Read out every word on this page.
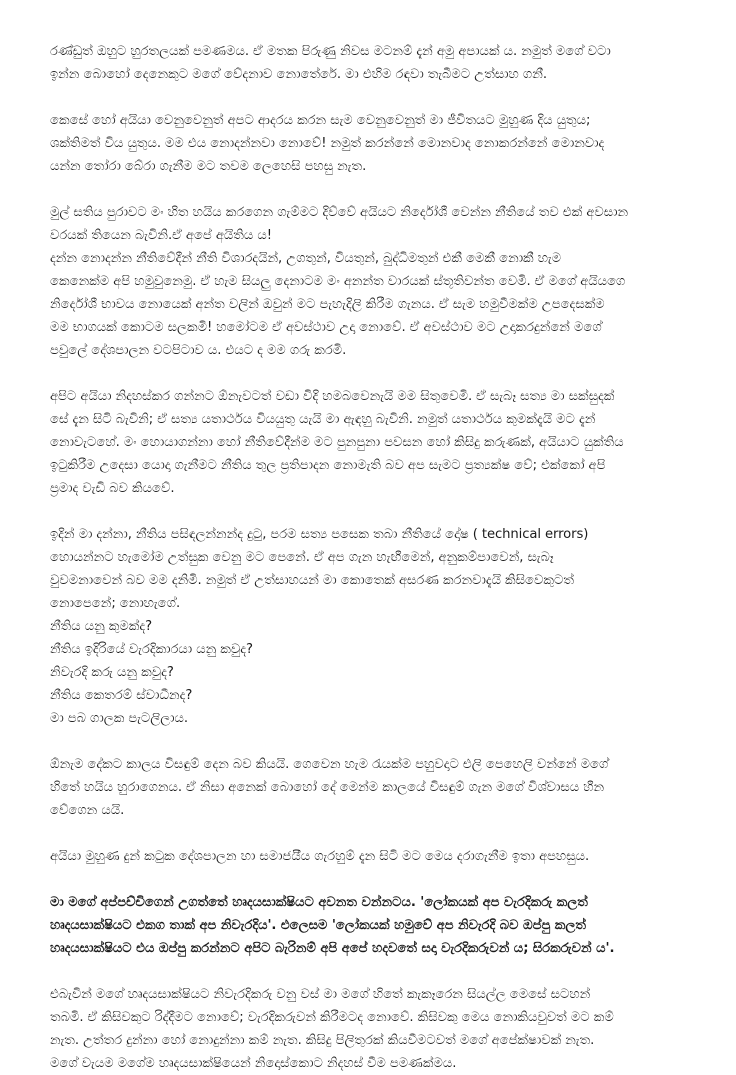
රණ්ඩුත් ඔහුට හුරතලයක් පමණමය. ඒ මතක පිරුණු නිවස මටනම් දැන් අමු අපායක් ය. නමුත් මගේ වටා
ඉන්න බොහෝ දෙනෙකුට මගේ වේදනාව නොතේරේ. මා එහිම රඳවා තැබීමට උත්සාහ ගනී.
කෙසේ හෝ අයියා වෙනුවෙනුත් අපට ආදරය කරන සැම වෙනුවෙනුත් මා ජීවිතයට මුහුණ දිය යුතුය;
ශක්තිමත් විය යුතුය. මම එය නොදන්නවා නොවේ! නමුත් කරන්නේ මොනවාද නොකරන්නේ මොනවාද
යන්න තෝරා බේරා ගැනීම මට තවම ලෙහෙසි පහසු නැත.
මුල් සතිය පුරාවට මං හිත හයිය කරගෙන ගැම්මට දිව්වේ අයියට නිර්දෝශී වෙන්න නීතියේ තව එක් අවසාන
වරයක් තියෙන බැවිනි.ඒ අපේ අයිතිය ය!
දන්න නොදන්න නීතිවේදීන් නීති විශාරදයින්, උගතුන්, වියතුන්, බුද්ධිමතුන් එකී මෙකී නොකී හැම
කෙනෙක්ම අපි හමුවුනෙමු. ඒ හැම සියලු දෙනාටම මං අනන්ත වාරයක් ස්තූතිවන්ත වෙමි. ඒ මගේ අයියගෙ
නිර්දෝශී භාවය නොයෙක් අන්ත වලින් ඔවුන් මට පැහැදිලි කිරීම ගැනය. ඒ සැම හමුවීමක්ම උපදෙසක්ම
මම භාගයක් කොටම සලකමි! හමෝටම ඒ අවස්ථාව උදා නොවේ. ඒ අවස්ථාව මට උදාකරදුන්නේ මගේ
පවුලේ දේශපාලන වටපිටාව ය. එයට ද මම ගරු කරමි.
අපිට අයියා නිදහස්කර ගන්නට ඕනැවටත් වඩා විදි හමබවෙනැයි මම සිතුවෙමි. ඒ සැබෑ සත්‍ය මා සක්සුදක්
සේ දැන සිටි බැවිනි; ඒ සත්‍ය යතාර්ථය වියයුතු යැයි මා ඇඳහු බැවිනි. නමුත් යතාර්ථය කුමක්දැයි මට දැන්
නොවැටහේ. මං හොයාගන්නා හෝ නීතිවේදීන්ම මට පුනපුනා පවසන හෝ කිසිදු කරුණක්, අයියාට යුක්තිය
ඉටුකිරීම උදෙසා යොදා ගැනීමට නීතිය තුල ප්‍රතිපාදන නොමැති බව අප සැමට ප්‍රත්‍යක්ෂ වේ; එක්කෝ අපි
ප්‍රමාද වැඩි බව කියවේ.
ඉදින් මා දන්නා, නීතිය පසිඳලන්නන්ද දුටු, පරම සත්‍ය පසෙක තබා නීතියේ දෝෂ ( technical errors)
හොයන්නට හැමෝම උත්සුක වෙනු මට පෙනේ. ඒ අප ගැන හැඟීමෙන්, අනුකම්පාවෙන්, සැබෑ
වුවමනාවෙන් බව මම දනිමි. නමුත් ඒ උත්සාහයන් මා කොතෙක් අසරණ කරනවාදැයි කිසිවෙකුටත්
නොපෙනේ; නොහැගේ.
නීතිය යනු කුමක්ද?
නීතිය ඉදිරියේ වැරදිකාරයා යනු කවුද?
නිවැරදි කරු යනු කවුද?
නීතිය කෙතරම් ස්වාධීනද?
මා පබ ගාලක පැටලිලාය.
ඕනැම දේකට කාලය විසඳුම් දෙන බව කියයි. ගෙවෙන හැම රැයක්ම පහුවදාට එලි පෙහෙලි වන්නේ මගේ
හිතේ හයිය හුරාගෙනය. ඒ නිසා අනෙක් බොහෝ දේ මෙන්ම කාලයේ විසඳුම් ගැන මගේ විශ්වාසය හීන
වේගෙන යයි.
අයියා මුහුණ දුන් කටුක දේශපාලන හා සමාජයීය ගැරහුම් දැන සිටි මට මෙය දරාගැනීම ඉතා අපහසුය.
මා මගේ අප්පච්චිගෙන් උගත්තේ හෘදයසාක්ෂියට අවනත වන්නටය. 'ලෝකයක් අප වැරදිකරු කලත්
හෘදයසාක්ෂියට එකග තාක් අප නිවැරදිය'. එලෙසම 'ලෝකයක් හමුවේ අප නිවැරදි බව ඔප්පු කලත්
හෘදයසාක්ෂියට එය ඔප්පු කරන්නට අපිට බැරිනම් අපි අපේ හදවතේ සදා වැරදිකරුවන් ය; සිරකරුවන් ය'.
එබැවින් මගේ හෘදයසාක්ෂියට නිවැරදිකරු වනු වස් මා මගේ හිතේ කැකෑරෙන සියල්ල මෙසේ සටහන්
තබමි. ඒ කිසිවකුට රිද්දීමට නොවේ; වැරදිකරුවන් කිරීමටද නොවේ. කිසිවකු මෙය නොකියවුවත් මට කම්
නැත. උත්තර දුන්නා හෝ නොදුන්නා කම් නැත. කිසිදු පිලිතුරක් කියවීමටවත් මගේ අපේක්ෂාවක් නැත.
මගේ වැයම මගේම හෘදයසාක්ෂියෙන් නිදොස්කොට නිදහස් වීම පමණක්මය.
